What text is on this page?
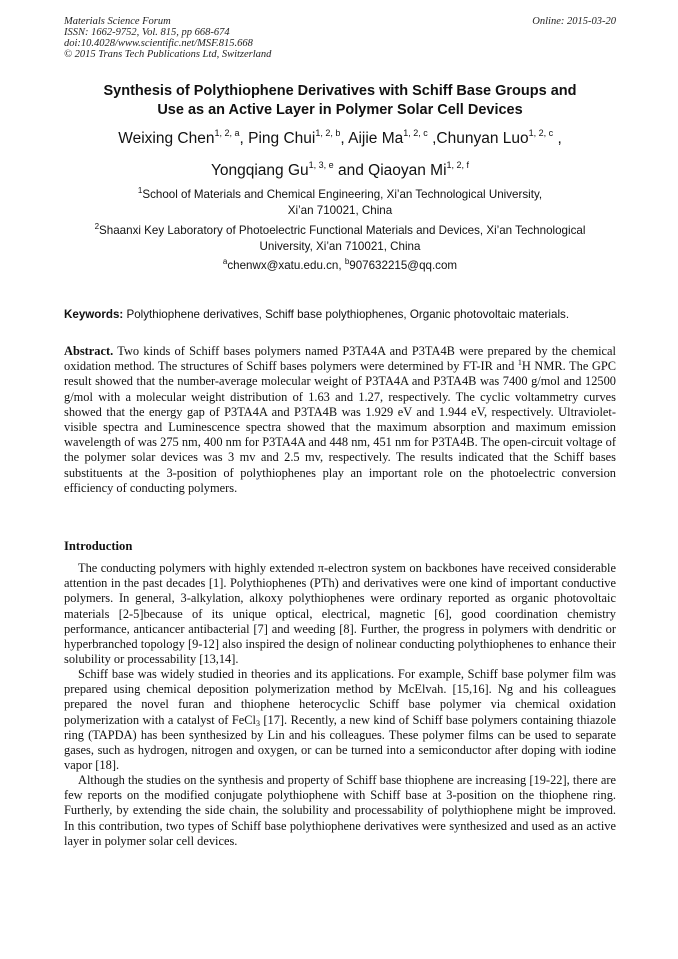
Materials Science Forum
ISSN: 1662-9752, Vol. 815, pp 668-674
doi:10.4028/www.scientific.net/MSF.815.668
© 2015 Trans Tech Publications Ltd, Switzerland
Online: 2015-03-20
Synthesis of Polythiophene Derivatives with Schiff Base Groups and
Use as an Active Layer in Polymer Solar Cell Devices
Weixing Chen$^{1, 2, a}$, Ping Chui$^{1, 2, b}$, Aijie Ma$^{1, 2, c}$ ,Chunyan Luo$^{1, 2, c}$ ,
Yongqiang Gu$^{1, 3, e}$ and Qiaoyan Mi$^{1, 2, f}$
$^1$School of Materials and Chemical Engineering, Xi’an Technological University,
Xi’an 710021, China
$^2$Shaanxi Key Laboratory of Photoelectric Functional Materials and Devices, Xi’an Technological
University, Xi’an 710021, China
$^a$chenwx@xatu.edu.cn, $^b$907632215@qq.com
Keywords: Polythiophene derivatives, Schiff base polythiophenes, Organic photovoltaic materials.
Abstract. Two kinds of Schiff bases polymers named P3TA4A and P3TA4B were prepared by the chemical oxidation method. The structures of Schiff bases polymers were determined by FT-IR and $^1$H NMR. The GPC result showed that the number-average molecular weight of P3TA4A and P3TA4B was 7400 g/mol and 12500 g/mol with a molecular weight distribution of 1.63 and 1.27, respectively. The cyclic voltammetry curves showed that the energy gap of P3TA4A and P3TA4B was 1.929 eV and 1.944 eV, respectively. Ultraviolet-visible spectra and Luminescence spectra showed that the maximum absorption and maximum emission wavelength of was 275 nm, 400 nm for P3TA4A and 448 nm, 451 nm for P3TA4B. The open-circuit voltage of the polymer solar devices was 3 mv and 2.5 mv, respectively. The results indicated that the Schiff bases substituents at the 3-position of polythiophenes play an important role on the photoelectric conversion efficiency of conducting polymers.
Introduction
The conducting polymers with highly extended π-electron system on backbones have received considerable attention in the past decades [1]. Polythiophenes (PTh) and derivatives were one kind of important conductive polymers. In general, 3-alkylation, alkoxy polythiophenes were ordinary reported as organic photovoltaic materials [2-5]because of its unique optical, electrical, magnetic [6], good coordination chemistry performance, anticancer antibacterial [7] and weeding [8]. Further, the progress in polymers with dendritic or hyperbranched topology [9-12] also inspired the design of nolinear conducting polythiophenes to enhance their solubility or processability [13,14].
Schiff base was widely studied in theories and its applications. For example, Schiff base polymer film was prepared using chemical deposition polymerization method by McElvah. [15,16]. Ng and his colleagues prepared the novel furan and thiophene heterocyclic Schiff base polymer via chemical oxidation polymerization with a catalyst of FeCl$_3$ [17]. Recently, a new kind of Schiff base polymers containing thiazole ring (TAPDA) has been synthesized by Lin and his colleagues. These polymer films can be used to separate gases, such as hydrogen, nitrogen and oxygen, or can be turned into a semiconductor after doping with iodine vapor [18].
Although the studies on the synthesis and property of Schiff base thiophene are increasing [19-22], there are few reports on the modified conjugate polythiophene with Schiff base at 3-position on the thiophene ring. Furtherly, by extending the side chain, the solubility and processability of polythiophene might be improved. In this contribution, two types of Schiff base polythiophene derivatives were synthesized and used as an active layer in polymer solar cell devices.
